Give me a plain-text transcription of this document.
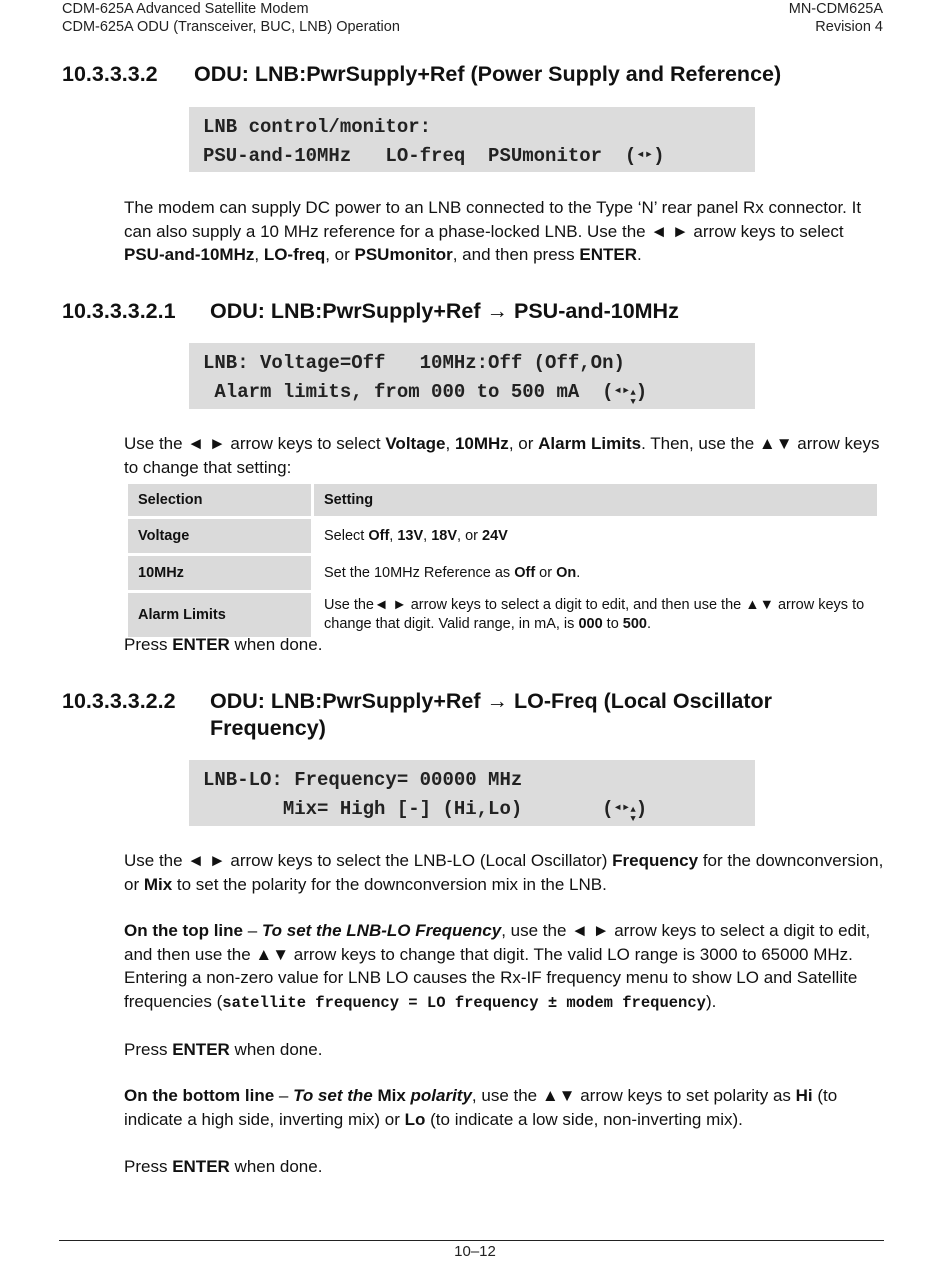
CDM-625A Advanced Satellite Modem	MN-CDM625A
CDM-625A ODU (Transceiver, BUC, LNB) Operation	Revision 4
10.3.3.3.2 ODU: LNB:PwrSupply+Ref (Power Supply and Reference)
LNB control/monitor:
PSU-and-10MHz   LO-freq  PSUmonitor  (◂▸)
The modem can supply DC power to an LNB connected to the Type ‘N’ rear panel Rx connector. It can also supply a 10 MHz reference for a phase-locked LNB. Use the ◄ ► arrow keys to select PSU-and-10MHz, LO-freq, or PSUmonitor, and then press ENTER.
10.3.3.3.2.1 ODU: LNB:PwrSupply+Ref → PSU-and-10MHz
LNB: Voltage=Off   10MHz:Off (Off,On)
Alarm limits, from 000 to 500 mA  (◂▸ ▲
▼ )
Use the ◄ ► arrow keys to select Voltage, 10MHz, or Alarm Limits. Then, use the ▲▼ arrow keys to change that setting:
Selection	Setting
Voltage	Select Off, 13V, 18V, or 24V
10MHz	Set the 10MHz Reference as Off or On.
Alarm Limits	Use the◄ ► arrow keys to select a digit to edit, and then use the ▲▼ arrow keys to change that digit. Valid range, in mA, is 000 to 500.
Press ENTER when done.
10.3.3.3.2.2 ODU: LNB:PwrSupply+Ref → LO-Freq (Local Oscillator
Frequency)
LNB-LO: Frequency= 00000 MHz
Mix= High [-] (Hi,Lo)       (◂▸ ▲
▼ )
Use the ◄ ► arrow keys to select the LNB-LO (Local Oscillator) Frequency for the downconversion, or Mix to set the polarity for the downconversion mix in the LNB.
On the top line – To set the LNB-LO Frequency, use the ◄ ► arrow keys to select a digit to edit, and then use the ▲▼ arrow keys to change that digit. The valid LO range is 3000 to 65000 MHz. Entering a non-zero value for LNB LO causes the Rx-IF frequency menu to show LO and Satellite frequencies (satellite frequency = LO frequency ± modem frequency).
Press ENTER when done.
On the bottom line – To set the Mix polarity, use the ▲▼ arrow keys to set polarity as Hi (to indicate a high side, inverting mix) or Lo (to indicate a low side, non-inverting mix).
Press ENTER when done.
10–12
